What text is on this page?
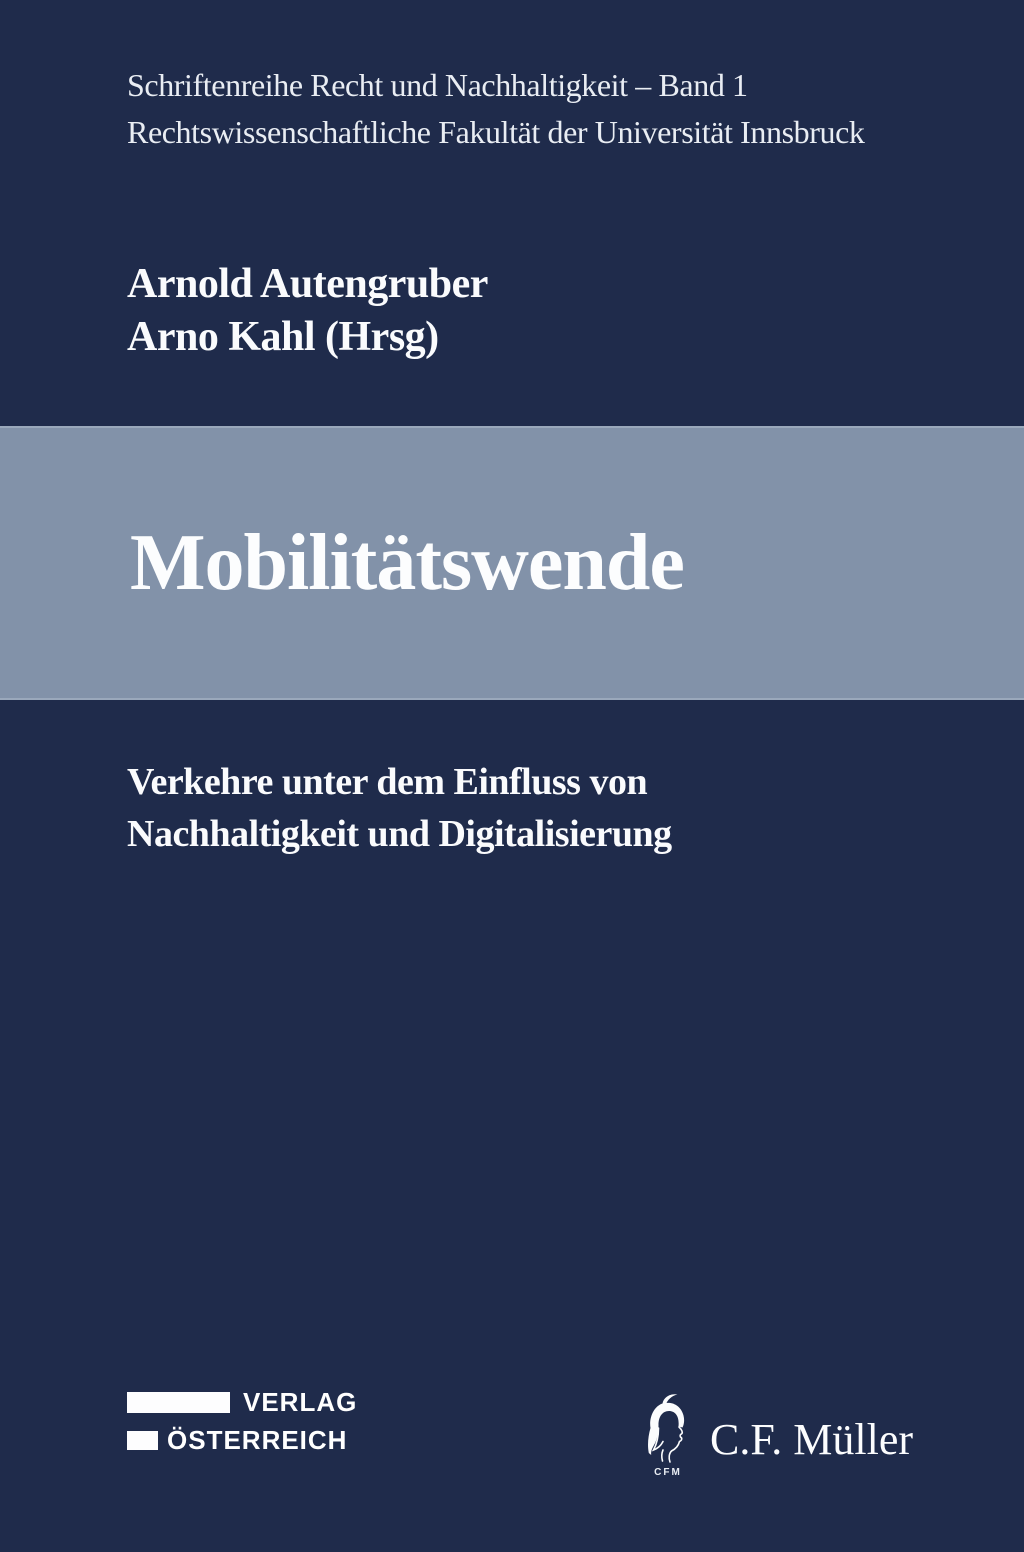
Schriftenreihe Recht und Nachhaltigkeit – Band 1
Rechtswissenschaftliche Fakultät der Universität Innsbruck
Arnold Autengruber
Arno Kahl (Hrsg)
Mobilitätswende
Verkehre unter dem Einfluss von
Nachhaltigkeit und Digitalisierung
VERLAG
ÖSTERREICH
CFM
C.F. Müller
